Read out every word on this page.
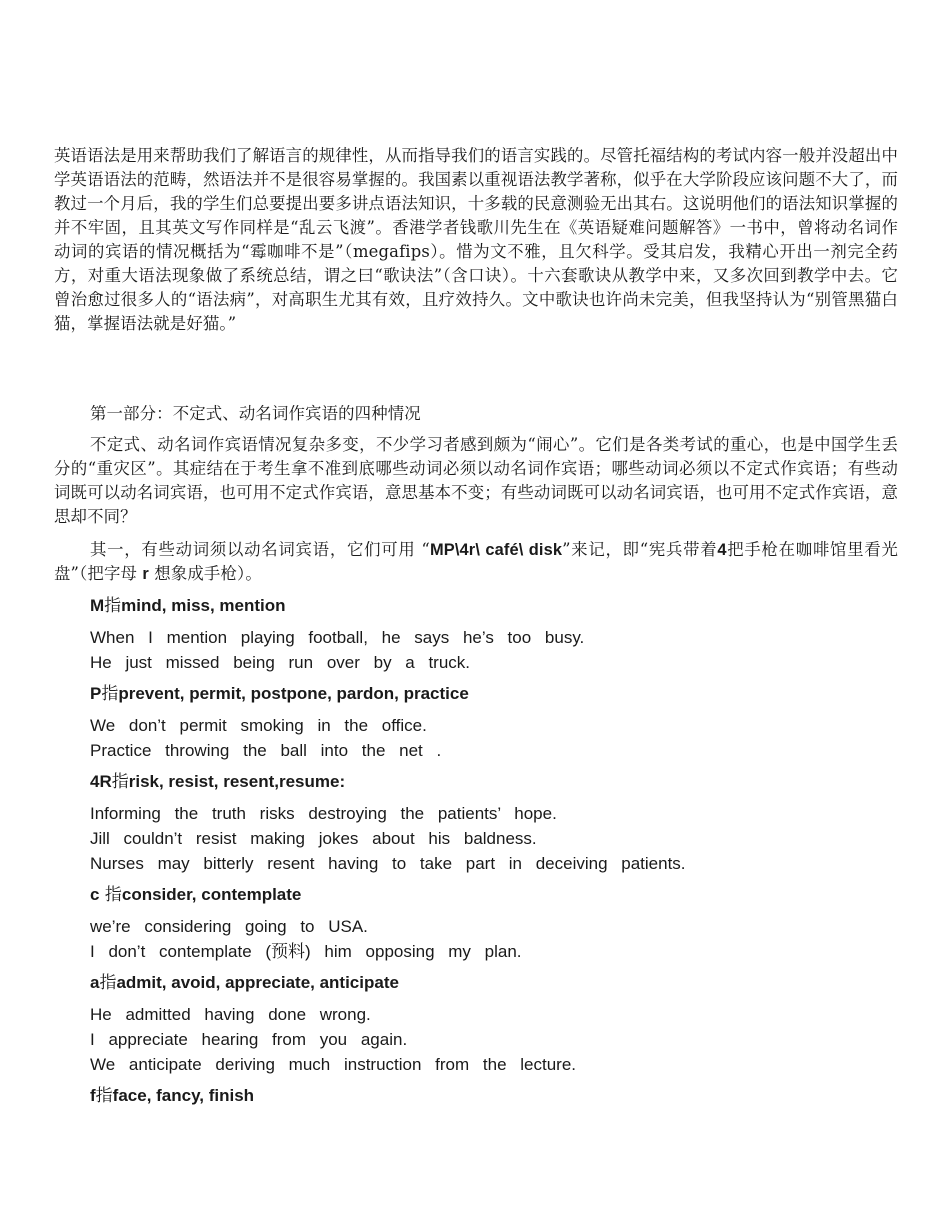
英语语法是用来帮助我们了解语言的规律性，从而指导我们的语言实践的。尽管托福结构的考试内容一般并没超出中学英语语法的范畴，然语法并不是很容易掌握的。我国素以重视语法教学著称，似乎在大学阶段应该问题不大了，而教过一个月后，我的学生们总要提出要多讲点语法知识，十多载的民意测验无出其右。这说明他们的语法知识掌握的并不牢固，且其英文写作同样是“乱云飞渡”。香港学者钱歌川先生在《英语疑难问题解答》一书中，曾将动名词作动词的宾语的情况概括为“霉咖啡不是”（megafips）。惜为文不雅，且欠科学。受其启发，我精心开出一剂完全药方，对重大语法现象做了系统总结，谓之曰“歌诀法”（含口诀）。十六套歌诀从教学中来，又多次回到教学中去。它曾治愈过很多人的“语法病”，对高职生尤其有效，且疗效持久。文中歌诀也许尚未完美，但我坚持认为“别管黑猫白猫，掌握语法就是好猫。”

第一部分：不定式、动名词作宾语的四种情况

不定式、动名词作宾语情况复杂多变，不少学习者感到颇为“闹心”。它们是各类考试的重心，也是中国学生丢分的“重灾区”。其症结在于考生拿不准到底哪些动词必须以动名词作宾语；哪些动词必须以不定式作宾语；有些动词既可以动名词宾语，也可用不定式作宾语，意思基本不变；有些动词既可以动名词宾语，也可用不定式作宾语，意思却不同？

其一，有些动词须以动名词宾语，它们可用 “MP\4r\ café\ disk”来记，即“宪兵带着4把手枪在咖啡馆里看光盘”（把字母 r 想象成手枪）。

M指mind, miss, mention

When I mention playing football, he says he’s too busy.

He just missed being run over by a truck.

P指prevent, permit, postpone, pardon, practice

We don’t permit smoking in the office.

Practice throwing the ball into the net .

4R指risk, resist, resent,resume:

Informing the truth risks destroying the patients’ hope.

Jill couldn’t resist making jokes about his baldness.

Nurses may bitterly resent having to take part in deceiving patients.

c 指consider, contemplate

we’re considering going to USA.

I don’t contemplate (预料) him opposing my plan.

a指admit, avoid, appreciate, anticipate

He admitted having done wrong.

I appreciate hearing from you again.

We anticipate deriving much instruction from the lecture.

f指face, fancy, finish
